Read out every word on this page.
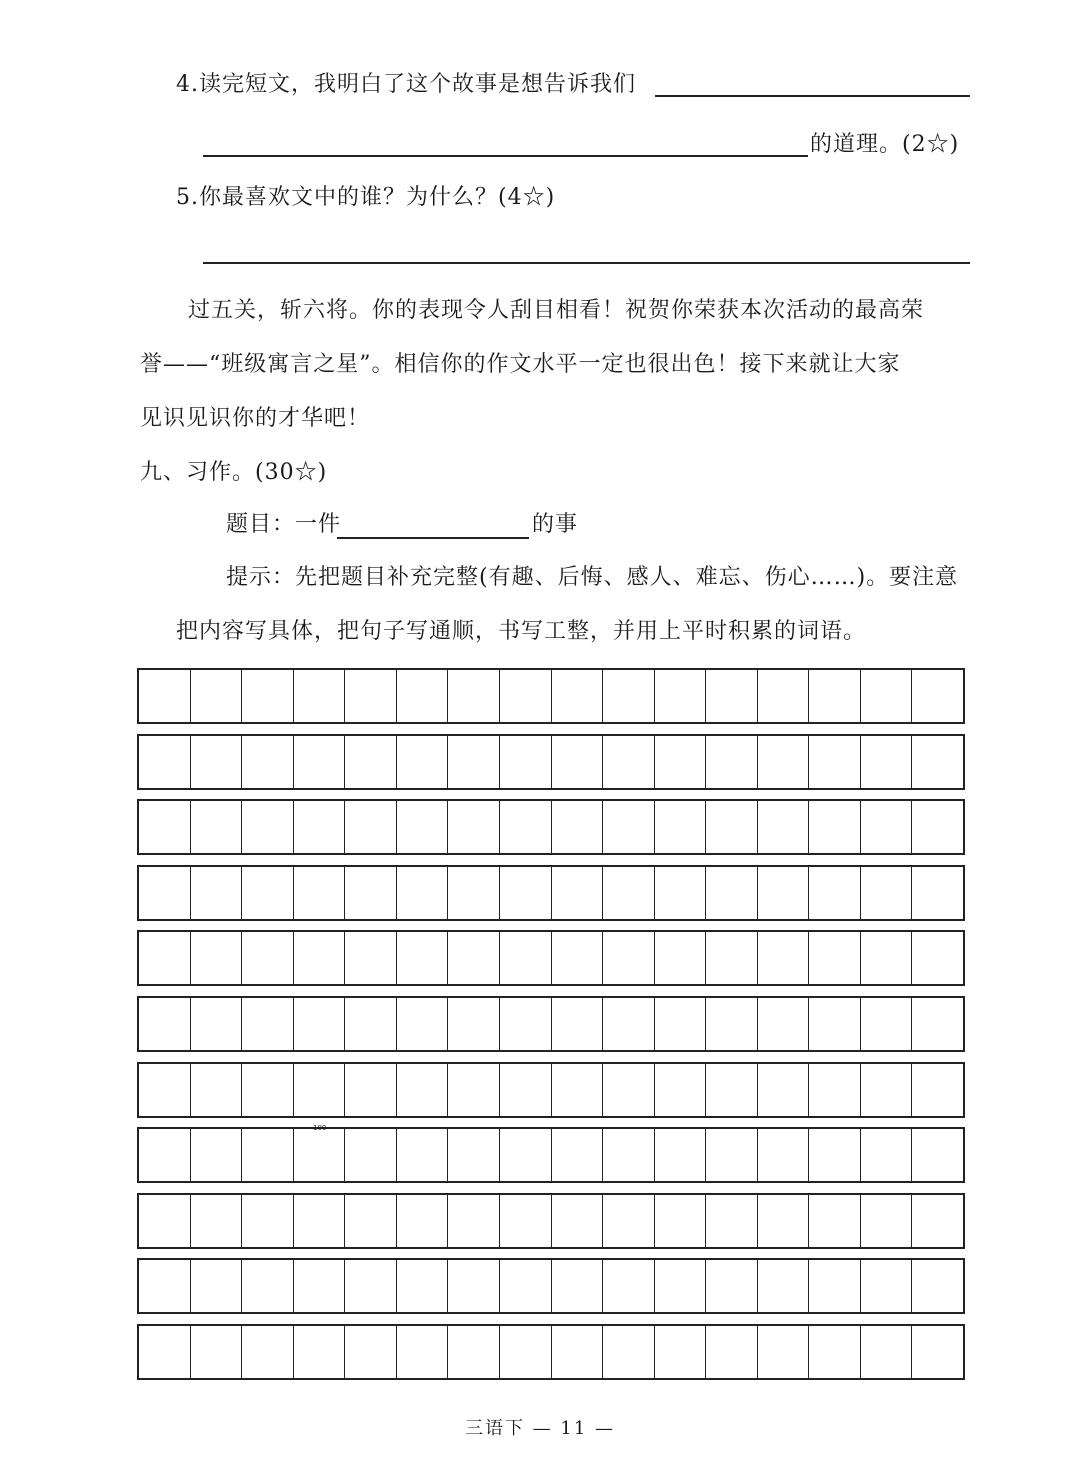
4.读完短文，我明白了这个故事是想告诉我们
的道理。(2☆)
5.你最喜欢文中的谁？为什么？(4☆)
过五关，斩六将。你的表现令人刮目相看！祝贺你荣获本次活动的最高荣
誉——“班级寓言之星”。相信你的作文水平一定也很出色！接下来就让大家
见识见识你的才华吧！
九、习作。(30☆)
题目：一件	的事
提示：先把题目补充完整(有趣、后悔、感人、难忘、伤心……)。要注意
把内容写具体，把句子写通顺，书写工整，并用上平时积累的词语。
100
三语下 — 11 —
